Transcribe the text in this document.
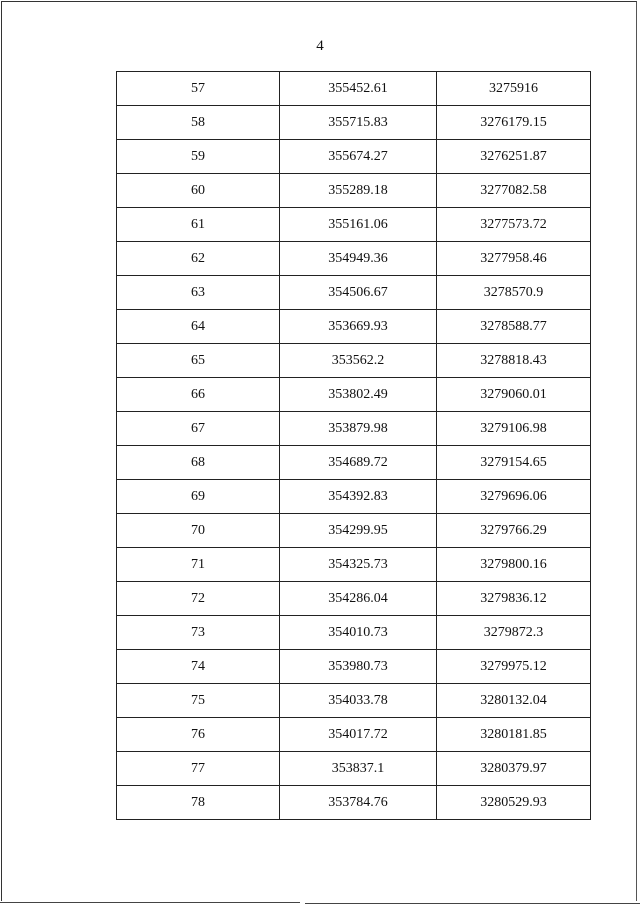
4
57	355452.61	3275916
58	355715.83	3276179.15
59	355674.27	3276251.87
60	355289.18	3277082.58
61	355161.06	3277573.72
62	354949.36	3277958.46
63	354506.67	3278570.9
64	353669.93	3278588.77
65	353562.2	3278818.43
66	353802.49	3279060.01
67	353879.98	3279106.98
68	354689.72	3279154.65
69	354392.83	3279696.06
70	354299.95	3279766.29
71	354325.73	3279800.16
72	354286.04	3279836.12
73	354010.73	3279872.3
74	353980.73	3279975.12
75	354033.78	3280132.04
76	354017.72	3280181.85
77	353837.1	3280379.97
78	353784.76	3280529.93
